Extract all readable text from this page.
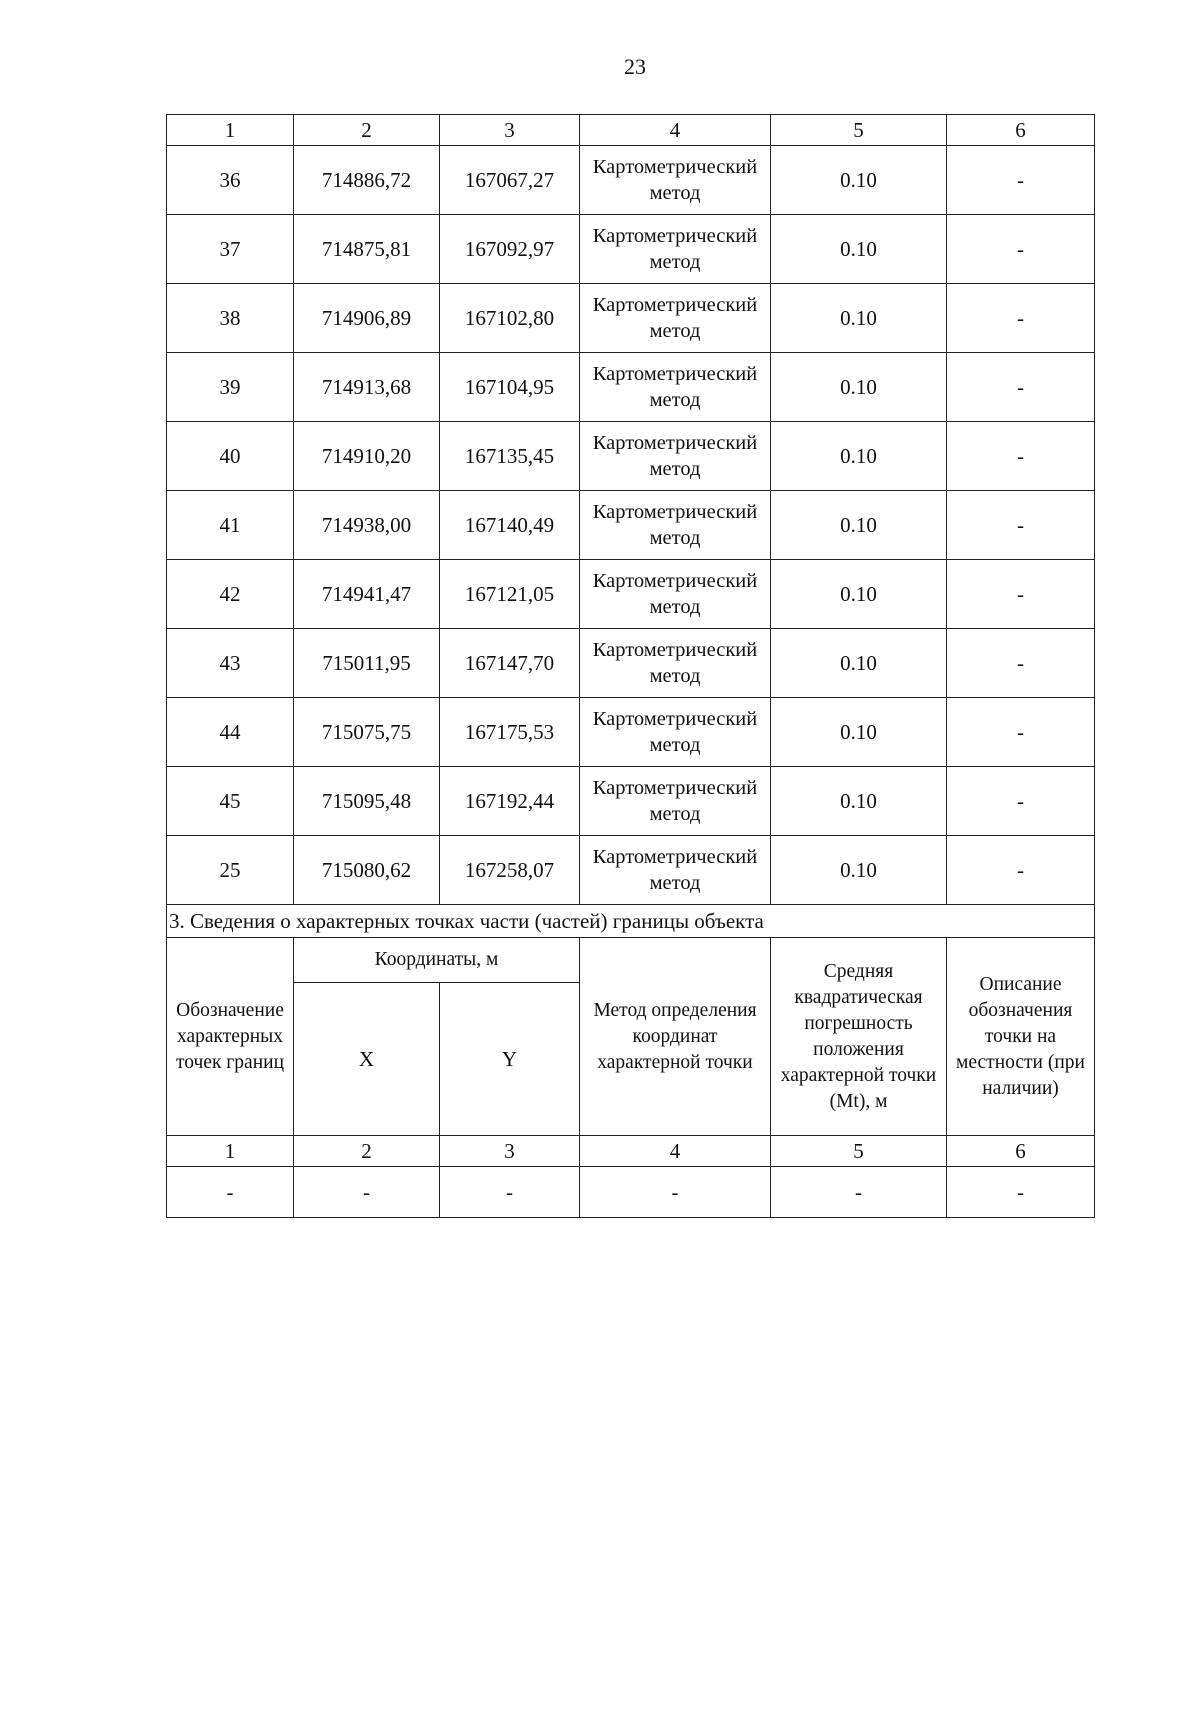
23
1	2	3	4	5	6
36	714886,72	167067,27	Картометрический метод	0.10	-
37	714875,81	167092,97	Картометрический метод	0.10	-
38	714906,89	167102,80	Картометрический метод	0.10	-
39	714913,68	167104,95	Картометрический метод	0.10	-
40	714910,20	167135,45	Картометрический метод	0.10	-
41	714938,00	167140,49	Картометрический метод	0.10	-
42	714941,47	167121,05	Картометрический метод	0.10	-
43	715011,95	167147,70	Картометрический метод	0.10	-
44	715075,75	167175,53	Картометрический метод	0.10	-
45	715095,48	167192,44	Картометрический метод	0.10	-
25	715080,62	167258,07	Картометрический метод	0.10	-
3. Сведения о характерных точках части (частей) границы объекта					
Обозначение характерных точек границ	Координаты, м		Метод определения координат характерной точки	Средняя квадратическая погрешность положения характерной точки (Mt), м	Описание обозначения точки на местности (при наличии)
	X	Y			
1	2	3	4	5	6
-	-	-	-	-	-
